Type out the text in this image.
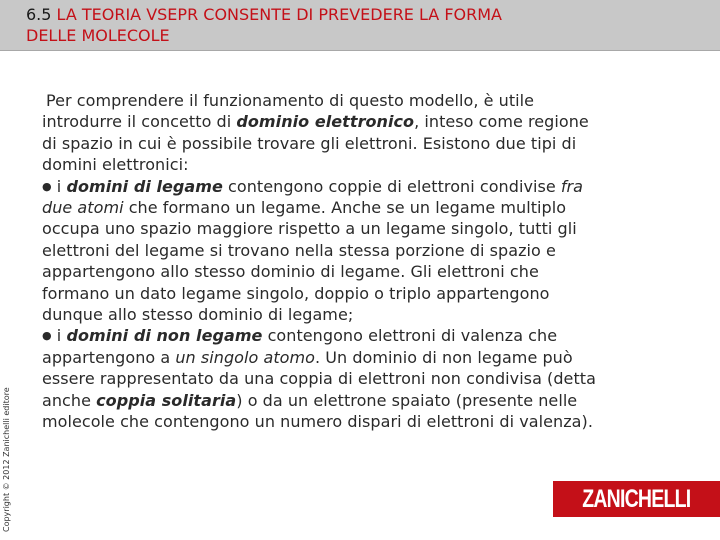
6.5 LA TEORIA VSEPR CONSENTE DI PREVEDERE LA FORMA
DELLE MOLECOLE
Per comprendere il funzionamento di questo modello, è utile
introdurre il concetto di dominio elettronico, inteso come regione
di spazio in cui è possibile trovare gli elettroni. Esistono due tipi di
domini elettronici:
● i domini di legame contengono coppie di elettroni condivise fra
due atomi che formano un legame. Anche se un legame multiplo
occupa uno spazio maggiore rispetto a un legame singolo, tutti gli
elettroni del legame si trovano nella stessa porzione di spazio e
appartengono allo stesso dominio di legame. Gli elettroni che
formano un dato legame singolo, doppio o triplo appartengono
dunque allo stesso dominio di legame;
● i domini di non legame contengono elettroni di valenza che
appartengono a un singolo atomo. Un dominio di non legame può
essere rappresentato da una coppia di elettroni non condivisa (detta
anche coppia solitaria) o da un elettrone spaiato (presente nelle
molecole che contengono un numero dispari di elettroni di valenza).
Copyright © 2012 Zanichelli editore	ZANICHELLI
